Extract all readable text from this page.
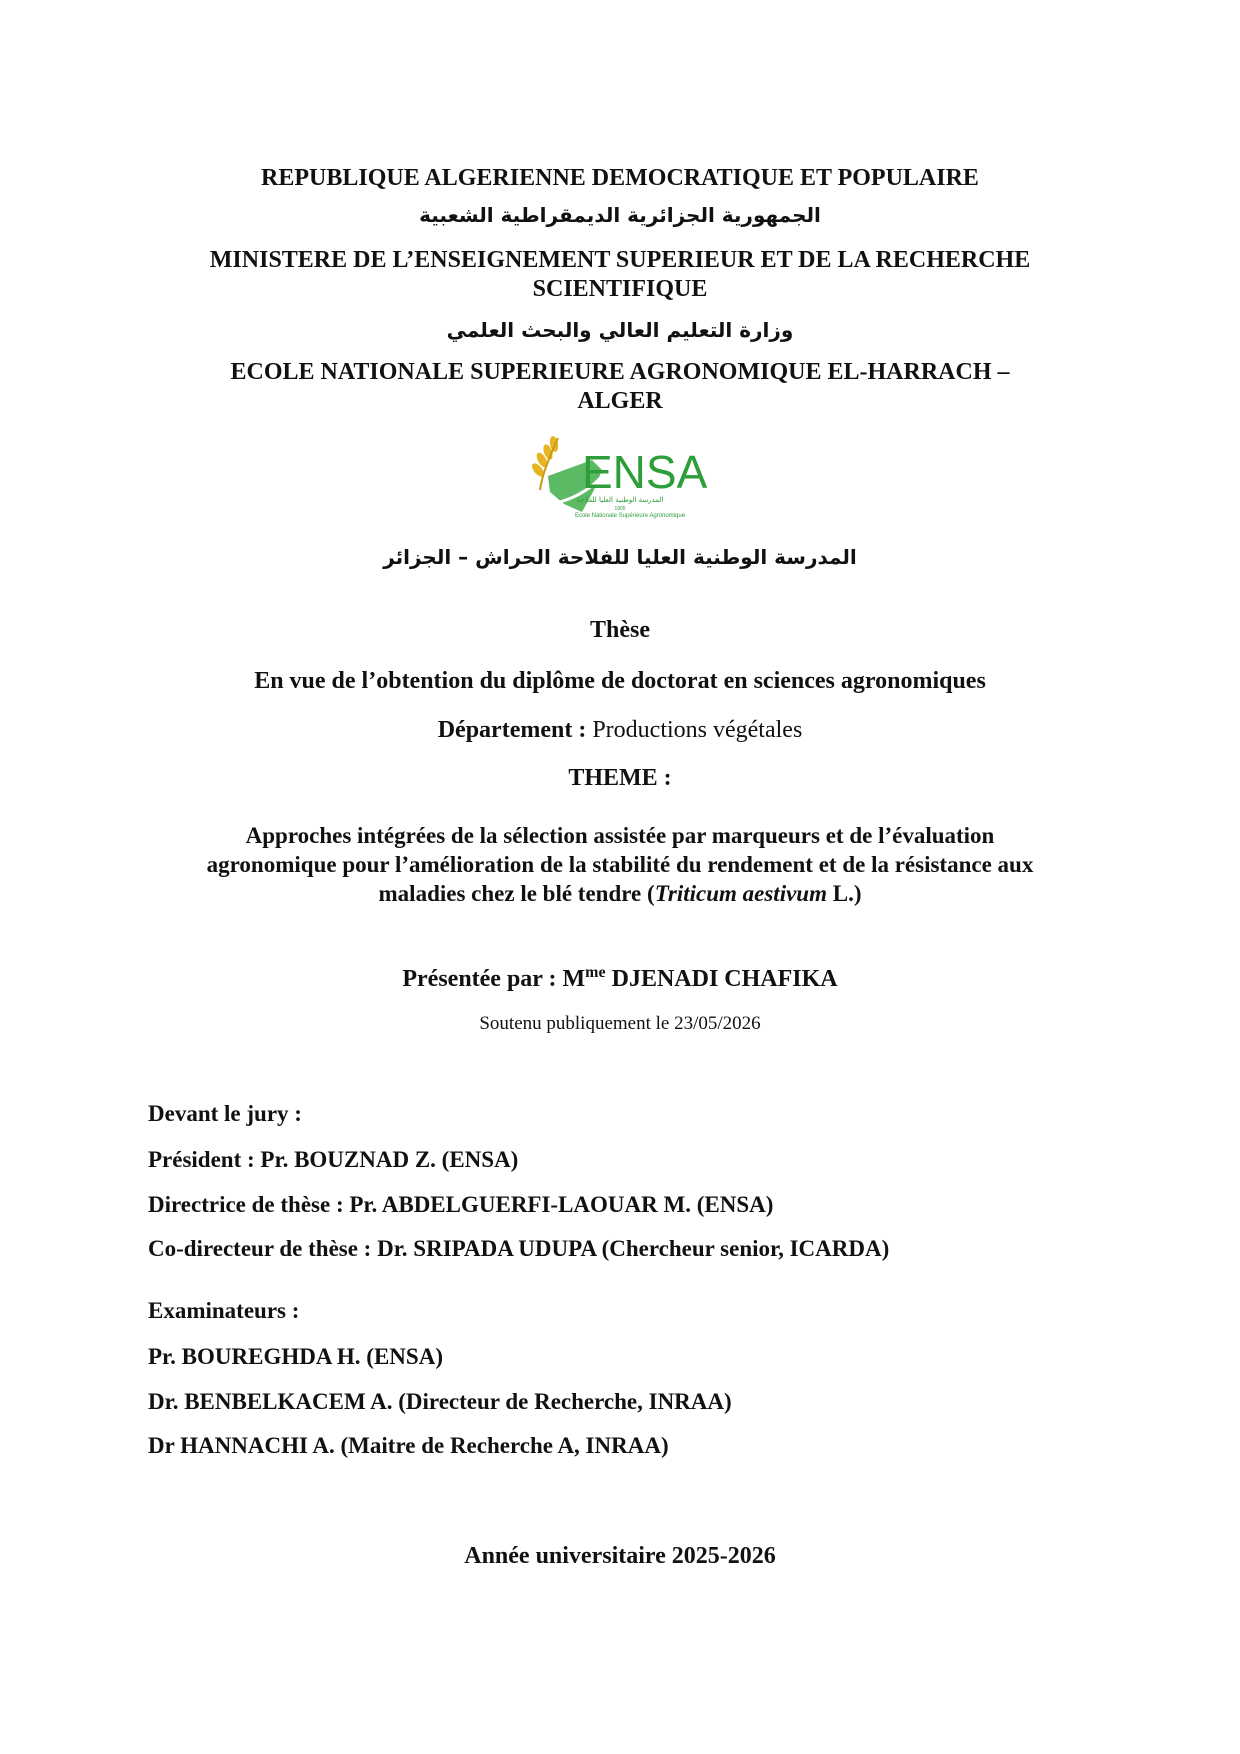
REPUBLIQUE ALGERIENNE DEMOCRATIQUE ET POPULAIRE
الجمهورية الجزائرية الديمقراطية الشعبية
MINISTERE DE L’ENSEIGNEMENT SUPERIEUR ET DE LA RECHERCHE
SCIENTIFIQUE
وزارة التعليم العالي والبحث العلمي
ECOLE NATIONALE SUPERIEURE AGRONOMIQUE EL-HARRACH –
ALGER
ENSA
المدرسة الوطنية العليا للفلاحة
1905
Ecole Nationale Supérieure Agronomique
المدرسة الوطنية العليا للفلاحة الحراش – الجزائر
Thèse
En vue de l’obtention du diplôme de doctorat en sciences agronomiques
Département : Productions végétales
THEME :
Approches intégrées de la sélection assistée par marqueurs et de l’évaluation
agronomique pour l’amélioration de la stabilité du rendement et de la résistance aux
maladies chez le blé tendre (Triticum aestivum L.)
Présentée par : $M^{me}$ DJENADI CHAFIKA
Soutenu publiquement le 23/05/2026
Devant le jury :
Président : Pr. BOUZNAD Z. (ENSA)
Directrice de thèse : Pr. ABDELGUERFI-LAOUAR M. (ENSA)
Co-directeur de thèse : Dr. SRIPADA UDUPA (Chercheur senior, ICARDA)
Examinateurs :
Pr. BOUREGHDA H. (ENSA)
Dr. BENBELKACEM A. (Directeur de Recherche, INRAA)
Dr HANNACHI A. (Maitre de Recherche A, INRAA)
Année universitaire 2025-2026
